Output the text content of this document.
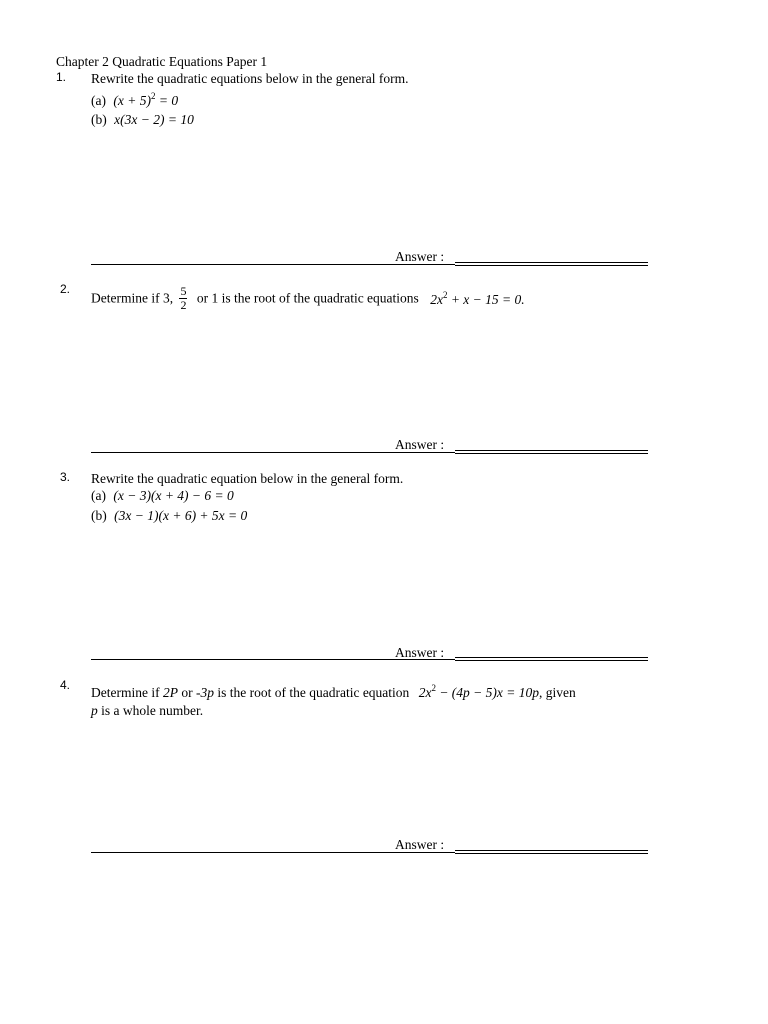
Chapter 2 Quadratic Equations Paper 1
1. Rewrite the quadratic equations below in the general form.
(a) $(x + 5)^2 = 0$
(b) x(3x − 2) = 10
Answer :
2.
Determine if 3, $\frac{5}{2}$ or 1 is the root of the quadratic equations $2x^2 + x - 15 = 0$.
Answer :
3. Rewrite the quadratic equation below in the general form.
(a) (x − 3)(x + 4) − 6 = 0
(b) (3x − 1)(x + 6) + 5x = 0
Answer :
4. Determine if 2P or -3p is the root of the quadratic equation $2x^2 - (4p - 5)x = 10p$, given
p is a whole number.
Answer :
